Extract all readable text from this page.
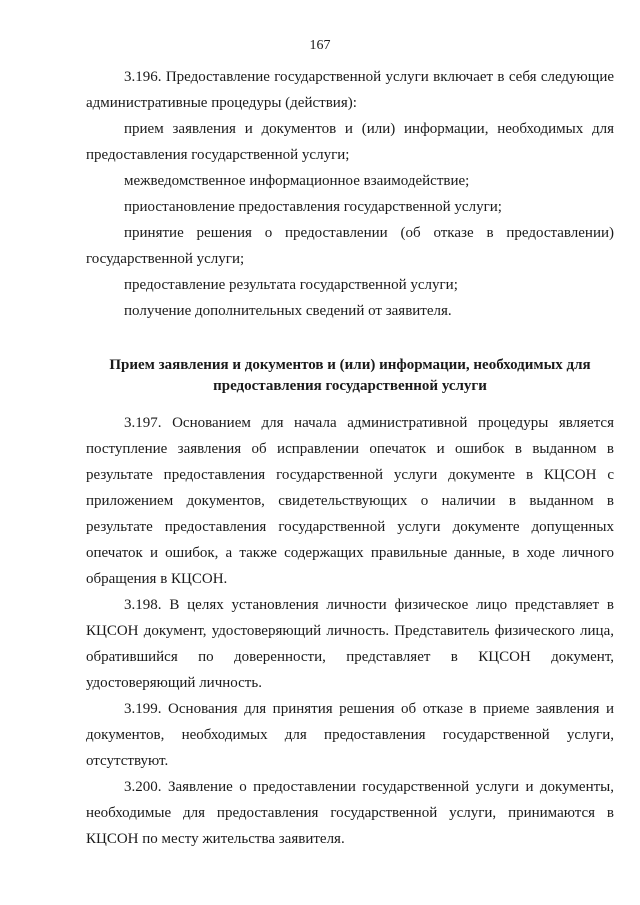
167

3.196. Предоставление государственной услуги включает в себя следующие административные процедуры (действия):

прием заявления и документов и (или) информации, необходимых для предоставления государственной услуги;

межведомственное информационное взаимодействие;

приостановление предоставления государственной услуги;

принятие решения о предоставлении (об отказе в предоставлении) государственной услуги;

предоставление результата государственной услуги;

получение дополнительных сведений от заявителя.

Прием заявления и документов и (или) информации, необходимых для

предоставления государственной услуги

3.197. Основанием для начала административной процедуры является поступление заявления об исправлении опечаток и ошибок в выданном в результате предоставления государственной услуги документе в КЦСОН с приложением документов, свидетельствующих о наличии в выданном в результате предоставления государственной услуги документе допущенных опечаток и ошибок, а также содержащих правильные данные, в ходе личного обращения в КЦСОН.

3.198. В целях установления личности физическое лицо представляет в КЦСОН документ, удостоверяющий личность. Представитель физического лица, обратившийся по доверенности, представляет в КЦСОН документ, удостоверяющий личность.

3.199. Основания для принятия решения об отказе в приеме заявления и документов, необходимых для предоставления государственной услуги, отсутствуют.

3.200. Заявление о предоставлении государственной услуги и документы, необходимые для предоставления государственной услуги, принимаются в КЦСОН по месту жительства заявителя.
